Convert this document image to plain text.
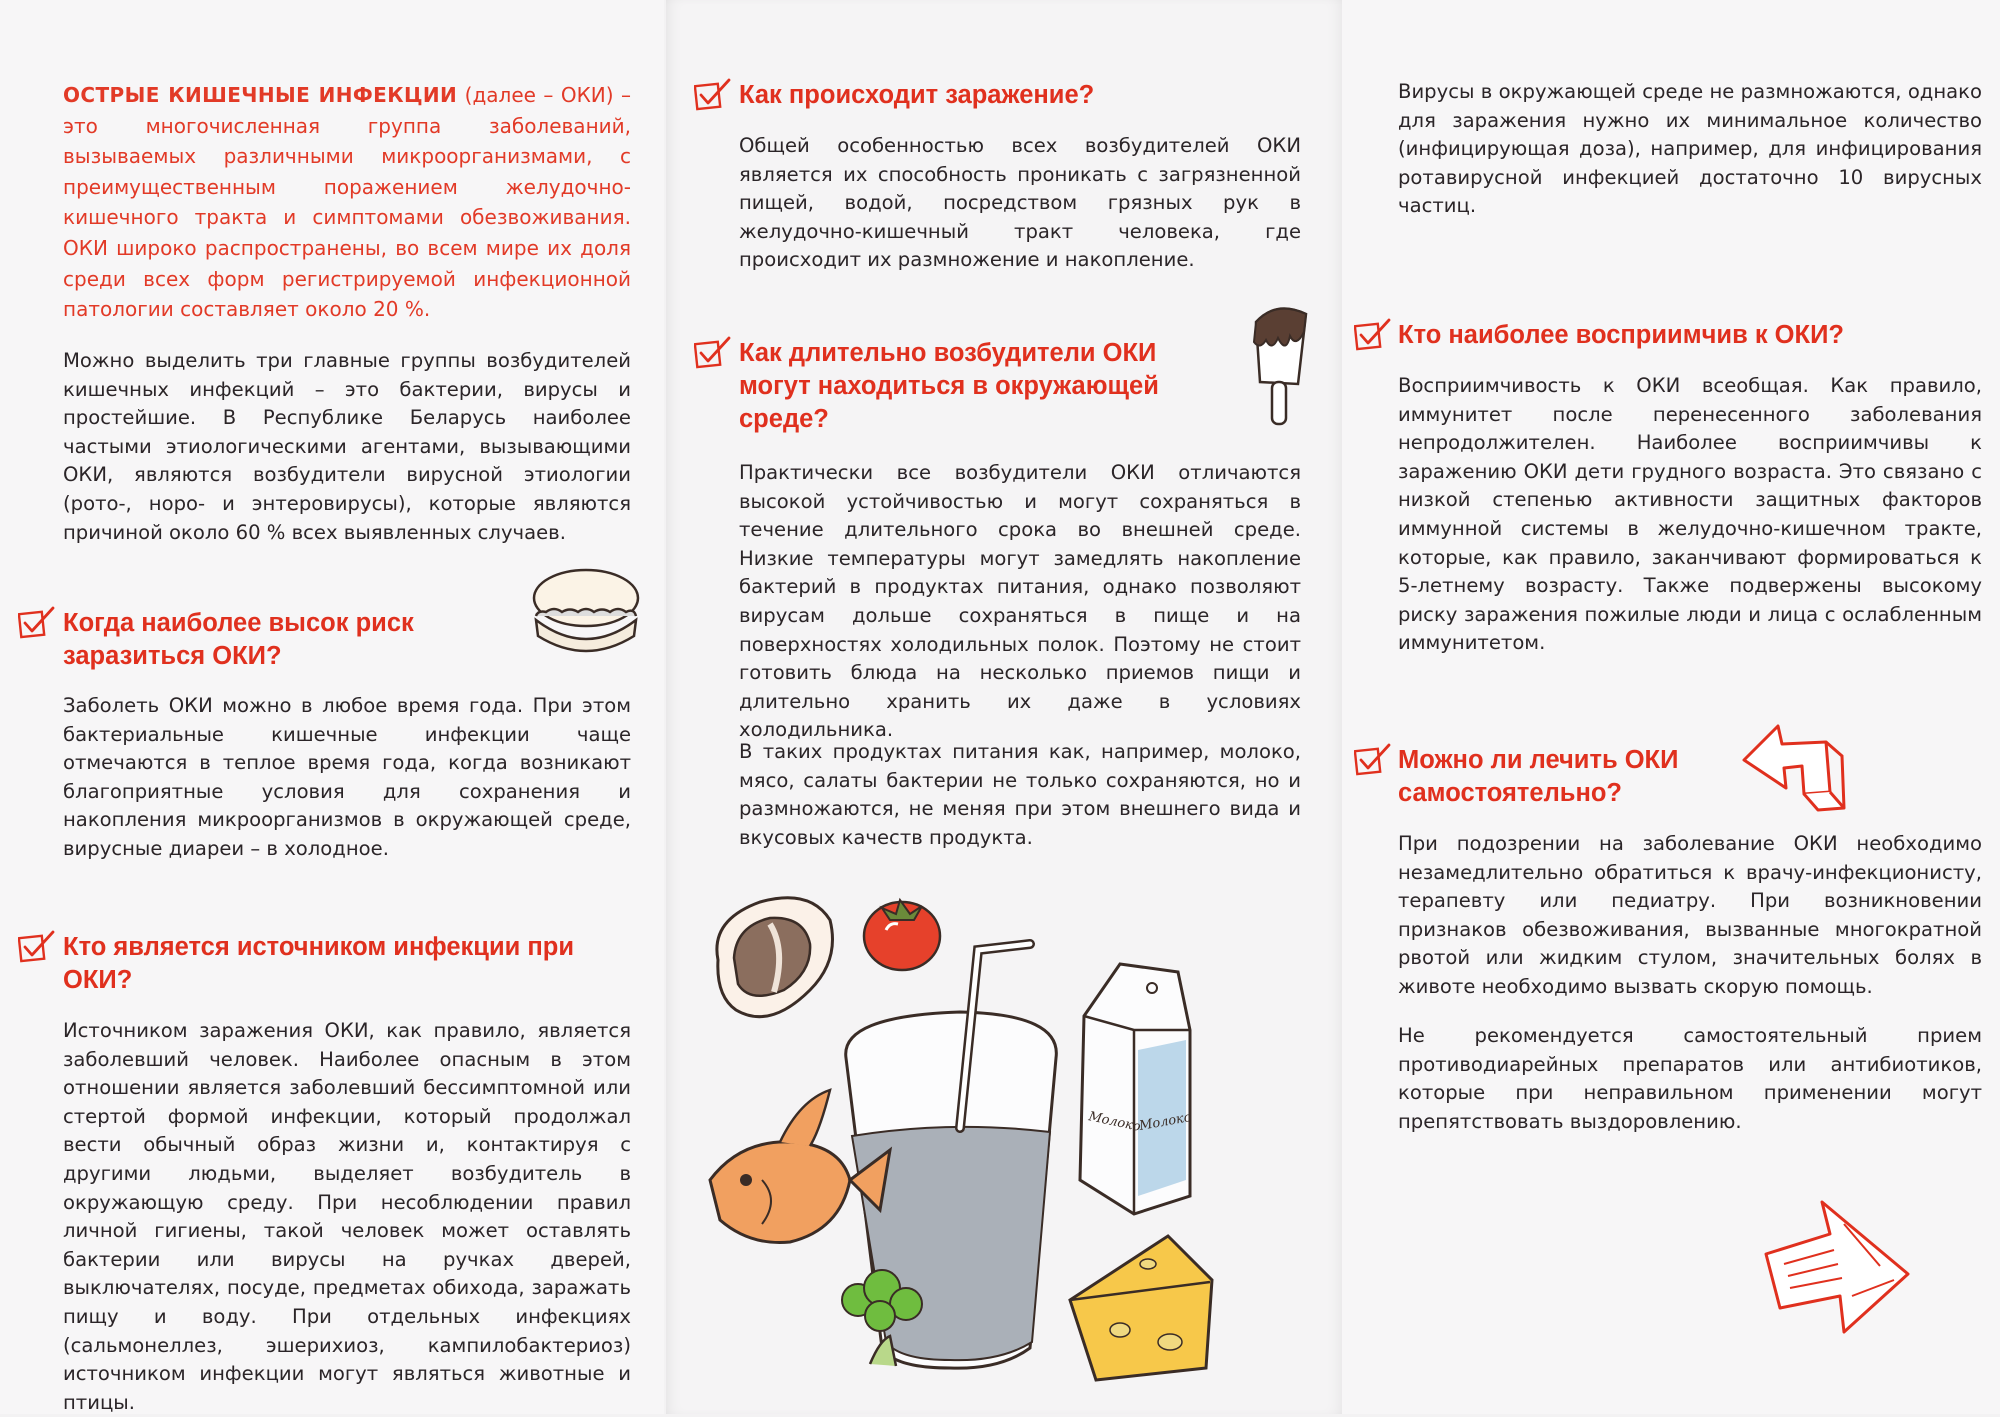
ОСТРЫЕ КИШЕЧНЫЕ ИНФЕКЦИИ (далее – ОКИ) – это многочисленная группа заболеваний, вызываемых различными микроорганизмами, с преимущественным поражением желудочно-кишечного тракта и симптомами обезвоживания. ОКИ широко распространены, во всем мире их доля среди всех форм регистрируемой инфекционной патологии составляет около 20 %.

Можно выделить три главные группы возбудителей кишечных инфекций – это бактерии, вирусы и простейшие. В Республике Беларусь наиболее частыми этиологическими агентами, вызывающими ОКИ, являются возбудители вирусной этиологии (рото-, норо- и энтеровирусы), которые являются причиной около 60 % всех выявленных случаев.

Когда наиболее высок риск заразиться ОКИ?

Заболеть ОКИ можно в любое время года. При этом бактериальные кишечные инфекции чаще отмечаются в теплое время года, когда возникают благоприятные условия для сохранения и накопления микроорганизмов в окружающей среде, вирусные диареи – в холодное.

Кто является источником инфекции при ОКИ?

Источником заражения ОКИ, как правило, является заболевший человек. Наиболее опасным в этом отношении является заболевший бессимптомной или стертой формой инфекции, который продолжал вести обычный образ жизни и, контактируя с другими людьми, выделяет возбудитель в окружающую среду. При несоблюдении правил личной гигиены, такой человек может оставлять бактерии или вирусы на ручках дверей, выключателях, посуде, предметах обихода, заражать пищу и воду. При отдельных инфекциях (сальмонеллез, эшерихиоз, кампилобактериоз) источником инфекции могут являться животные и птицы.

Как происходит заражение?

Общей особенностью всех возбудителей ОКИ является их способность проникать с загрязненной пищей, водой, посредством грязных рук в желудочно-кишечный тракт человека, где происходит их размножение и накопление.

Как длительно возбудители ОКИ могут находиться в окружающей среде?

Практически все возбудители ОКИ отличаются высокой устойчивостью и могут сохраняться в течение длительного срока во внешней среде. Низкие температуры могут замедлять накопление бактерий в продуктах питания, однако позволяют вирусам дольше сохраняться в пище и на поверхностях холодильных полок. Поэтому не стоит готовить блюда на несколько приемов пищи и длительно хранить их даже в условиях холодильника.

В таких продуктах питания как, например, молоко, мясо, салаты бактерии не только сохраняются, но и размножаются, не меняя при этом внешнего вида и вкусовых качеств продукта.

Молоко
Молоко

Вирусы в окружающей среде не размножаются, однако для заражения нужно их минимальное количество (инфицирующая доза), например, для инфицирования ротавирусной инфекцией достаточно 10 вирусных частиц.

Кто наиболее восприимчив к ОКИ?

Восприимчивость к ОКИ всеобщая. Как правило, иммунитет после перенесенного заболевания непродолжителен. Наиболее восприимчивы к заражению ОКИ дети грудного возраста. Это связано с низкой степенью активности защитных факторов иммунной системы в желудочно-кишечном тракте, которые, как правило, заканчивают формироваться к 5-летнему возрасту. Также подвержены высокому риску заражения пожилые люди и лица с ослабленным иммунитетом.

Можно ли лечить ОКИ самостоятельно?

При подозрении на заболевание ОКИ необходимо незамедлительно обратиться к врачу-инфекционисту, терапевту или педиатру. При возникновении признаков обезвоживания, вызванные многократной рвотой или жидким стулом, значительных болях в животе необходимо вызвать скорую помощь.

Не рекомендуется самостоятельный прием противодиарейных препаратов или антибиотиков, которые при неправильном применении могут препятствовать выздоровлению.
